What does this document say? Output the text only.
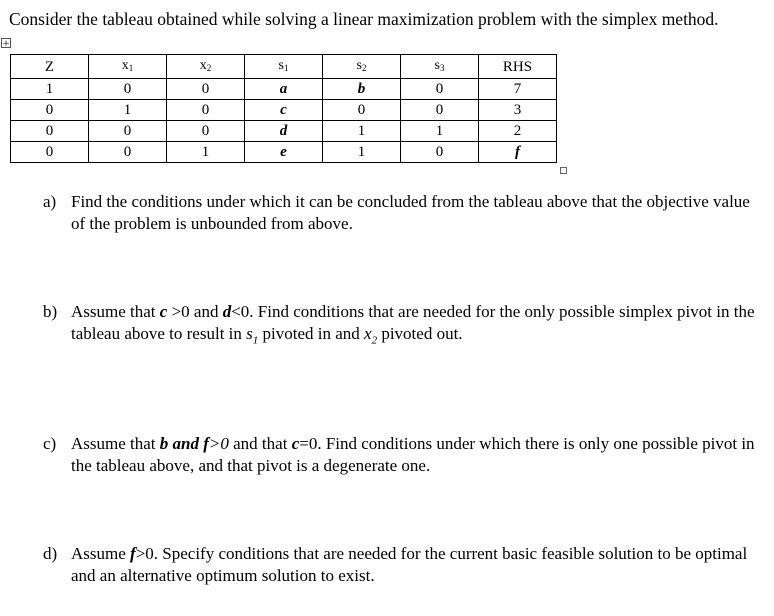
Consider the tableau obtained while solving a linear maximization problem with the simplex method.
+
Z	$x_1$	$x_2$	$s_1$	$s_2$	$s_3$	RHS
1	0	0	a	b	0	7
0	1	0	c	0	0	3
0	0	0	d	1	1	2
0	0	1	e	1	0	f
a) Find the conditions under which it can be concluded from the tableau above that the objective value of the problem is unbounded from above.
b) Assume that c >0 and d<0. Find conditions that are needed for the only possible simplex pivot in the tableau above to result in $s_1$ pivoted in and $x_2$ pivoted out.
c) Assume that b and f>0 and that c=0. Find conditions under which there is only one possible pivot in the tableau above, and that pivot is a degenerate one.
d) Assume f>0. Specify conditions that are needed for the current basic feasible solution to be optimal and an alternative optimum solution to exist.
